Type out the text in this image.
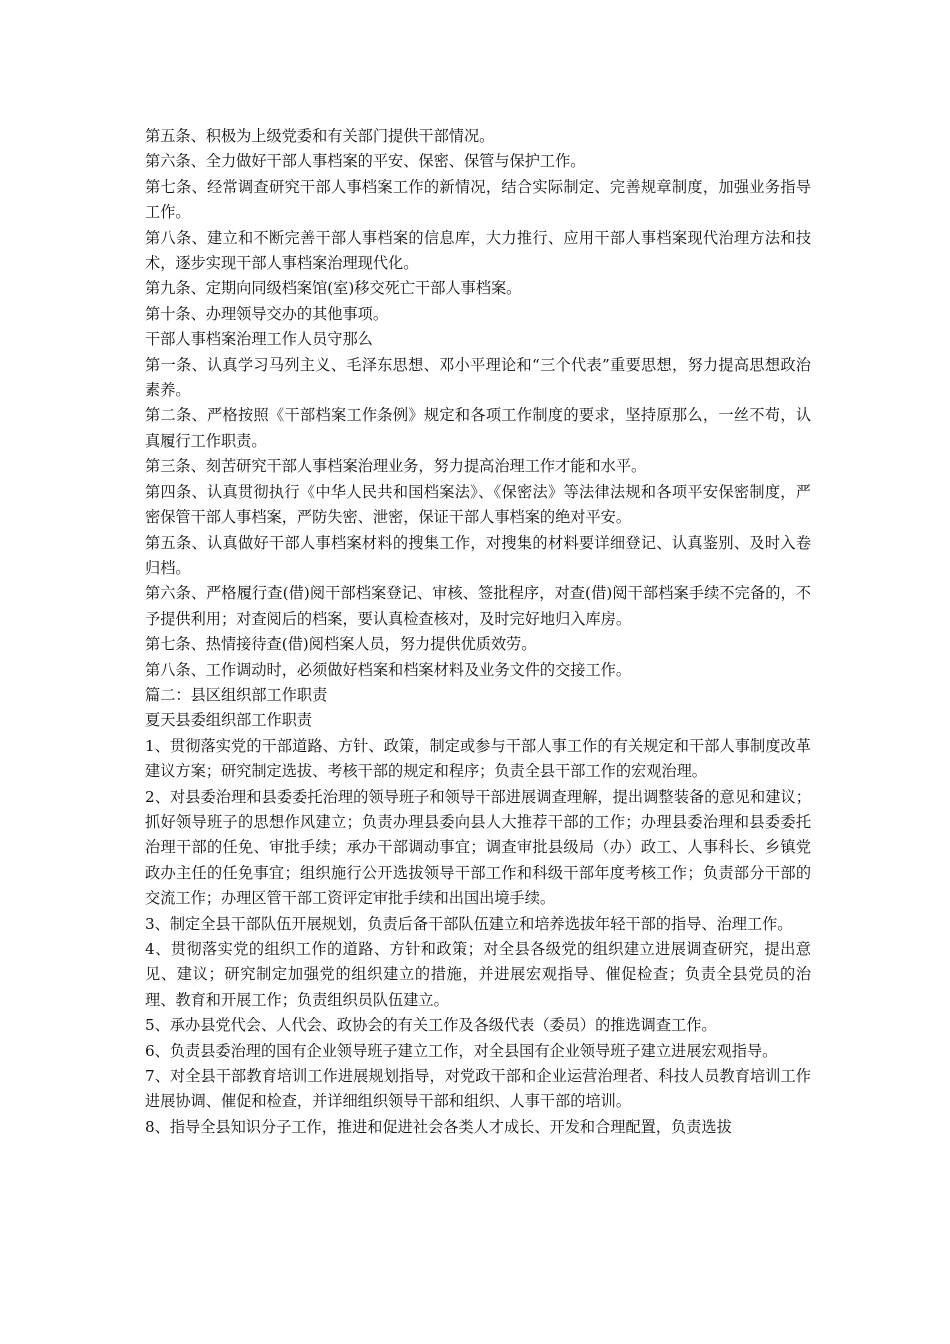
第五条、积极为上级党委和有关部门提供干部情况。

第六条、全力做好干部人事档案的平安、保密、保管与保护工作。

第七条、经常调查研究干部人事档案工作的新情况，结合实际制定、完善规章制度，加强业务指导工作。

第八条、建立和不断完善干部人事档案的信息库，大力推行、应用干部人事档案现代治理方法和技术，逐步实现干部人事档案治理现代化。

第九条、定期向同级档案馆(室)移交死亡干部人事档案。

第十条、办理领导交办的其他事项。

干部人事档案治理工作人员守那么

第一条、认真学习马列主义、毛泽东思想、邓小平理论和“三个代表”重要思想，努力提高思想政治素养。

第二条、严格按照《干部档案工作条例》规定和各项工作制度的要求，坚持原那么，一丝不苟，认真履行工作职责。

第三条、刻苦研究干部人事档案治理业务，努力提高治理工作才能和水平。

第四条、认真贯彻执行《中华人民共和国档案法》、《保密法》等法律法规和各项平安保密制度，严密保管干部人事档案，严防失密、泄密，保证干部人事档案的绝对平安。

第五条、认真做好干部人事档案材料的搜集工作，对搜集的材料要详细登记、认真鉴别、及时入卷归档。

第六条、严格履行查(借)阅干部档案登记、审核、签批程序，对查(借)阅干部档案手续不完备的，不予提供利用；对查阅后的档案，要认真检查核对，及时完好地归入库房。

第七条、热情接待查(借)阅档案人员，努力提供优质效劳。

第八条、工作调动时，必须做好档案和档案材料及业务文件的交接工作。

篇二：县区组织部工作职责

夏天县委组织部工作职责

1、贯彻落实党的干部道路、方针、政策，制定或参与干部人事工作的有关规定和干部人事制度改革建议方案；研究制定选拔、考核干部的规定和程序；负责全县干部工作的宏观治理。

2、对县委治理和县委委托治理的领导班子和领导干部进展调查理解，提出调整装备的意见和建议；抓好领导班子的思想作风建立；负责办理县委向县人大推荐干部的工作；办理县委治理和县委委托治理干部的任免、审批手续；承办干部调动事宜；调查审批县级局（办）政工、人事科长、乡镇党政办主任的任免事宜；组织施行公开选拔领导干部工作和科级干部年度考核工作；负责部分干部的交流工作；办理区管干部工资评定审批手续和出国出境手续。

3、制定全县干部队伍开展规划，负责后备干部队伍建立和培养选拔年轻干部的指导、治理工作。

4、贯彻落实党的组织工作的道路、方针和政策；对全县各级党的组织建立进展调查研究，提出意见、建议；研究制定加强党的组织建立的措施，并进展宏观指导、催促检查；负责全县党员的治理、教育和开展工作；负责组织员队伍建立。

5、承办县党代会、人代会、政协会的有关工作及各级代表（委员）的推选调查工作。

6、负责县委治理的国有企业领导班子建立工作，对全县国有企业领导班子建立进展宏观指导。

7、对全县干部教育培训工作进展规划指导，对党政干部和企业运营治理者、科技人员教育培训工作进展协调、催促和检查，并详细组织领导干部和组织、人事干部的培训。

8、指导全县知识分子工作，推进和促进社会各类人才成长、开发和合理配置，负责选拔
